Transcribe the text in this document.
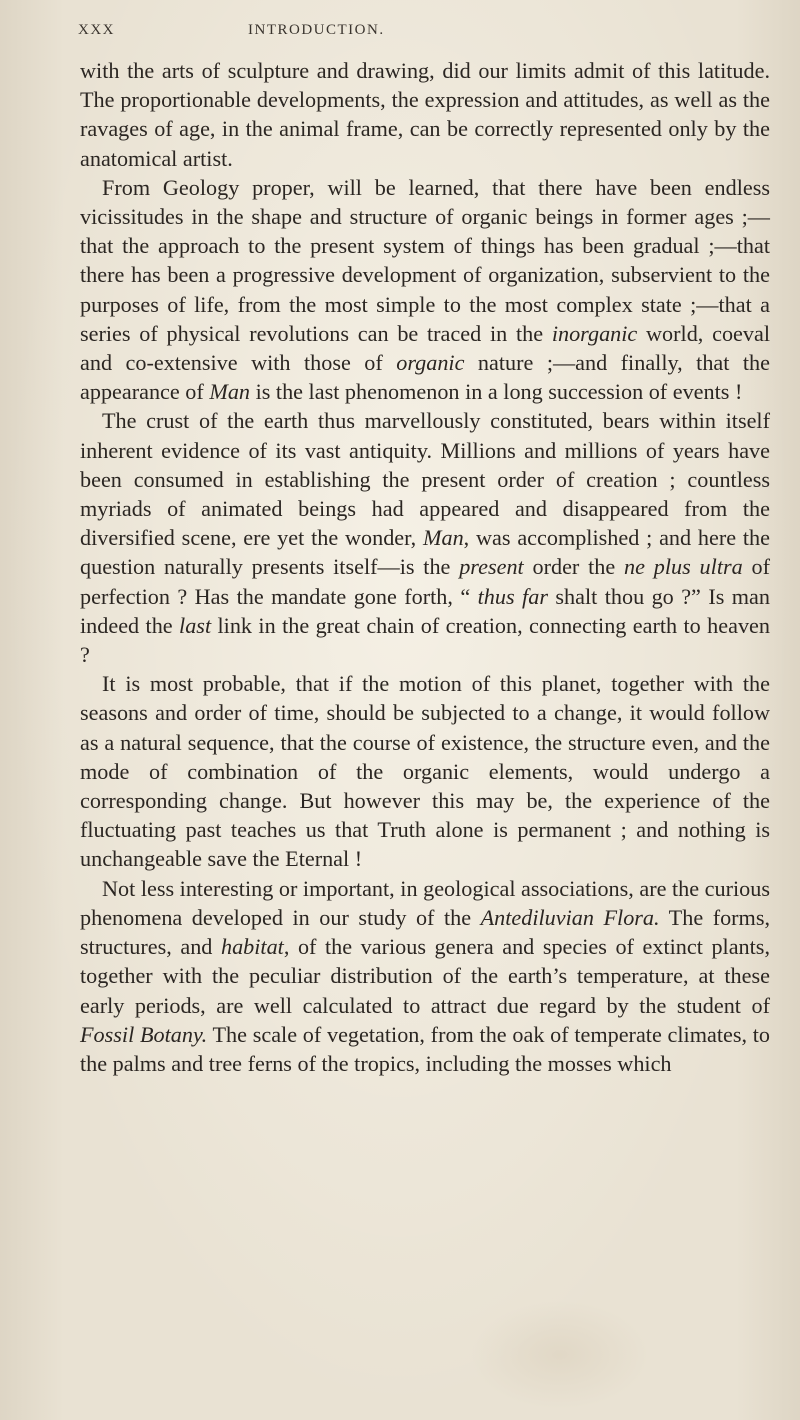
XXX	INTRODUCTION.

with the arts of sculpture and drawing, did our limits admit of this latitude. The proportionable developments, the expression and attitudes, as well as the ravages of age, in the animal frame, can be correctly represented only by the anatomical artist.

From Geology proper, will be learned, that there have been endless vicissitudes in the shape and structure of organic beings in former ages ;—that the approach to the present system of things has been gradual ;—that there has been a progressive development of organization, subservient to the purposes of life, from the most simple to the most complex state ;—that a series of physical revolutions can be traced in the inorganic world, coeval and co-extensive with those of organic nature ;—and finally, that the appearance of Man is the last phenomenon in a long succession of events !

The crust of the earth thus marvellously constituted, bears within itself inherent evidence of its vast antiquity. Millions and millions of years have been consumed in establishing the present order of creation ; countless myriads of animated beings had appeared and disappeared from the diversified scene, ere yet the wonder, Man, was accomplished ; and here the question naturally presents itself—is the present order the ne plus ultra of perfection ? Has the mandate gone forth, “ thus far shalt thou go ?” Is man indeed the last link in the great chain of creation, connecting earth to heaven ?

It is most probable, that if the motion of this planet, together with the seasons and order of time, should be subjected to a change, it would follow as a natural sequence, that the course of existence, the structure even, and the mode of combination of the organic elements, would undergo a corresponding change. But however this may be, the experience of the fluctuating past teaches us that Truth alone is permanent ; and nothing is unchangeable save the Eternal !

Not less interesting or important, in geological associations, are the curious phenomena developed in our study of the Antediluvian Flora. The forms, structures, and habitat, of the various genera and species of extinct plants, together with the peculiar distribution of the earth’s temperature, at these early periods, are well calculated to attract due regard by the student of Fossil Botany. The scale of vegetation, from the oak of temperate climates, to the palms and tree ferns of the tropics, including the mosses which
